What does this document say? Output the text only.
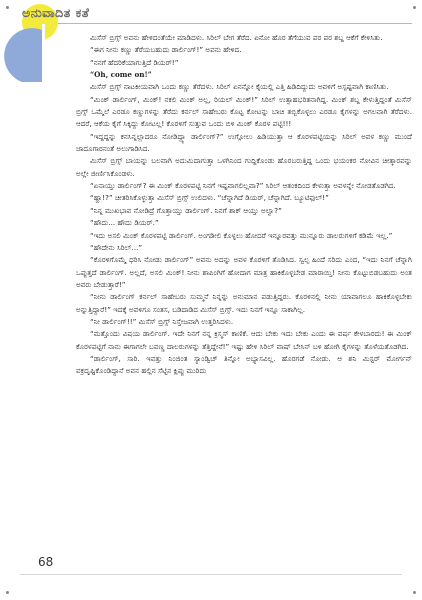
ಅನುವಾದಿತ ಕತೆ

ಮಿಸೆಸ್ ಬ್ರಿಗ್ಸ್ ಅವನು ಹೇಳಿದಂತೆಯೇ ಮಾಡಿದಳು. ಸಿರಿಲ್ ಬೇಗ ತೆರೆದ. ಏನೋ ಹೊರ ತೆಗೆಯುವ ಪರ ಪರ ಶಬ್ದ ಆಕೆಗೆ ಕೇಳಿಸಿತು.

“ಈಗ ನೀನು ಕಣ್ಣು ತೆರೆಯಬಹುದು ಡಾರ್ಲಿಂಗ್!” ಅವನು ಹೇಳಿದ.

“ನನಗೆ ಹೆದರಿಕೆಯಾಗುತ್ತಿದೆ ಡಿಯರ್!”

“Oh, come on!”

ಮಿಸೆಸ್ ಬ್ರಿಗ್ಸ್ ನಾಟಕೀಯವಾಗಿ ಒಂದು ಕಣ್ಣು ತೆರೆದಳು. ಸಿರಿಲ್ ಏನನ್ನೋ ಕೈಯಲ್ಲಿ ಎತ್ತಿ ಹಿಡಿದಿದ್ದುದು ಅವಳಿಗೆ ಅಸ್ಪಷ್ಟವಾಗಿ ಕಾಣಿಸಿತು.

“ಮಿಂಕ್ ಡಾರ್ಲಿಂಗ್, ಮಿಂಕ್! ನಕಲಿ ಮಿಂಕ್ ಅಲ್ಲ, ರಿಯಲ್ ಮಿಂಕ್!” ಸಿರಿಲ್ ಉತ್ಸಾಹಭರಿತನಾಗಿದ್ದ. ಮಿಂಕ್ ಶಬ್ದ ಕೇಳುತ್ತಿದ್ದಂತೆ ಮಿಸೆಸ್ ಬ್ರಿಗ್ಸ್ ಒಮ್ಮೆಲೆ ಎರಡೂ ಕಣ್ಣುಗಳನ್ನು ತೆರೆದು ಕರ್ನಲ್ ಸಾಹೇಬರು ಕೊಟ್ಟ ಕೋಟನ್ನು ಬಾಚಿ ತಬ್ಬಿಕೊಳ್ಳಲು ಎರಡೂ ಕೈಗಳನ್ನು ಅಗಲವಾಗಿ ತೆರೆದಳು. ಆದರೆ, ಆಕೆಯ ಕೈಗೆ ಸಿಕ್ಕಿದ್ದು ಕೋಟಲ್ಲ! ಕೊರಳಿಗೆ ಸುತ್ತುವ ಒಂದು ಬಿಳಿ ಮಿಂಕ್ ಕೊರಳ ಪಟ್ಟಿ!!!

“ಇದ್ದದ್ದನ್ನು ಕನಸಿನ್ನಲ್ಲಾದರೂ ನೋಡಿದ್ದ್ಯಾ ಡಾರ್ಲಿಂಗ್?” ಉಗ್ಗೋಲು ಹಿಡಿಯುತ್ತಾ ಆ ಕೊರಳಪಟ್ಟಿಯನ್ನು ಸಿರಿಲ್ ಅವಳ ಕಣ್ಣು ಮುಂದೆ ಜಾದೂಗಾರನಂತೆ ಅಲುಗಾಡಿಸಿದ.

ಮಿಸೆಸ್ ಬ್ರಿಗ್ಸ್ ಬಾಯನ್ನು ಬಲವಾಗಿ ಅದುಮಿದಾಗುತ್ತಾ ಒಳಗಿನಿಂದ ಗುದ್ದಿಕೊಂಡು ಹೊರಬರುತ್ತಿದ್ದ ಒಂದು ಭಯಂಕರ ನೋವಿನ ಚೀತ್ಕಾರವನ್ನು ಅಲ್ಲೇ ಜೀರ್ಣಿಸಿಕೊಂಡಳು.

“ಏನಾಯ್ತು ಡಾರ್ಲಿಂಗ್? ಈ ಮಿಂಕ್ ಕೊರಳಪಟ್ಟಿ ನಿನಗೆ ಇಷ್ಟವಾಗಲಿಲ್ಲವಾ?” ಸಿರಿಲ್ ಆತಂಕದಿಂದ ಕೇಳುತ್ತಾ ಅವಳನ್ನೇ ನೋಡತೊಡಗಿದ.

“ಹ್ಹಾ!?” ಚೀತರಿಸಿಕೊಳ್ಳುತ್ತಾ ಮಿಸೆಸ್ ಬ್ರಿಗ್ಸ್ ಉಲಿದಳು. “ಚೆನ್ನಾಗಿದೆ ಡಿಯರ್, ಚೆನ್ನಾಗಿದೆ. ಬ್ಯೂಟಿಫುಲ್!”

“ನಿನ್ನ ಮುಖಭಾವ ನೋಡಿದ್ರೆ ಗೊತ್ತಾಯ್ತು ಡಾರ್ಲಿಂಗ್. ನಿನಗೆ ಶಾಕ್ ಆಯ್ತು ಅಲ್ವಾ?”

“ಹೌದು... ಹೌದು ಡಿಯರ್.”

“ಇದು ಅಸಲಿ ಮಿಂಕ್ ಕೊರಳಪಟ್ಟಿ ಡಾರ್ಲಿಂಗ್. ಅಂಗಡೀಲಿ ಕೊಳ್ಳಲು ಹೋದರೆ ಇನ್ನೂರವತ್ತು ಮುನ್ನೂರು ಡಾಲರುಗಳಿಗೆ ಕಡಿಮೆ ಇಲ್ಲ.”

“ಹೌದೇನು ಸಿರಿಲ್...”

“ಕೊರಳಿಗೊಮ್ಮೆ ಧರಿಸಿ ನೋಡು ಡಾರ್ಲಿಂಗ್” ಅವನು ಅದನ್ನು ಅವಳ ಕೊರಳಿಗೆ ತೊಡಿಸಿದ. ಸ್ವಲ್ಪ ಹಿಂದೆ ಸರಿದು ಎಂದ, “ಇದು ನಿನಗೆ ಚೆನ್ನಾಗಿ ಒಪ್ಪುತ್ತದೆ ಡಾರ್ಲಿಂಗ್. ಅಲ್ಲದೆ, ಅಸಲಿ ಮಿಂಕ್! ನೀನು ಶಾಪಿಂಗಿಗೆ ಹೋದಾಗ ಮಾತ್ರ ಹಾಕಿಕೊಳ್ಳಬೇಡ ಮಾರಾಯ್ತಿ! ನೀನು ಕೊಟ್ಟುಬಿಡಬಹುದು ಅಂತ ಅವರು ಬೇಡುತ್ತಾರೆ!”

“ನೀನು ಡಾರ್ಲಿಂಗ್ ಕರ್ನಲ್ ಸಾಹೇಬರು ಸುಮ್ಮನೆ ನಿನ್ನನ್ನು ಅನುಮಾನ ಪಡುತ್ತಿದ್ದರು. ಕೊರಳಿನಲ್ಲಿ ನೀನು ಯಾವಾಗಲೂ ಹಾಕಿಕೊಳ್ಳಬೇಕು ಅನ್ನುತ್ತಿದ್ದಾರೆ!” ಇದಕ್ಕೆ ಅವಳಿಗೂ ಸಂತಸ, ಬಡಿದಾಡಿದ ಮಿಸೆಸ್ ಬ್ರಿಗ್ಸ್. ಇದು ನಿನಗೆ ಇನ್ನೂ ಸಾಕಾಗಿಲ್ಲ.

“ನೀ ಡಾರ್ಲಿಂಗ್!!” ಮಿಸೆಸ್ ಬ್ರಿಗ್ಸ್ ನಿಸ್ತೇಜವಾಗಿ ಉತ್ತರಿಸಿದಳು.

“ಮತ್ತೊಂದು ವಿಷಯ ಡಾರ್ಲಿಂಗ್. ಇದೇ ನಿನಗೆ ನನ್ನ ಕ್ರಿಸ್ಮಸ್ ಕಾಣಿಕೆ. ಆದು ಬೇಕು ಇದು ಬೇಕು ಎಂದು ಈ ವರ್ಷ ಕೇಳಬಾರದು! ಈ ಮಿಂಕ್ ಕೊರಳಪಟ್ಟಿಗೆ ನಾನು ಈಗಾಗಲೇ ಬವಣ್ಣ ದಾಲರುಗಳನ್ನು ತೆತ್ತಿದ್ದೇನೆ!” ಇಷ್ಟು ಹೇಳಿ ಸಿರಿಲ್ ವಾಷ್ ಬೇಸಿನ್ ಬಳಿ ಹೋಗಿ ಕೈಗಳನ್ನು ತೊಳೆಯತೊಡಗಿದ.

“ಡಾರ್ಲಿಂಗ್, ಸಾರಿ. ಇವತ್ತು ನಿಂಜಿಂತ ಸ್ಯಾಂಡ್ವಿಚ್ ತಿನ್ನೋ ಅಭ್ಯಾಸವಿಲ್ಲ. ಹೊರಗಡೆ ನೋಡು. ಆ ಶನಿ ಮಿಸ್ಟರ್ ಮೋರ್ಗನ್ ವಕ್ರದೃಷ್ಟಿಕೊಂಡಿದ್ದಾನೆ ಅವನ ಹಲ್ಲಿನ ಸೆಟ್ಟಿನ ಕ್ಲಿಪ್ಪು ಮುರಿದು

68
